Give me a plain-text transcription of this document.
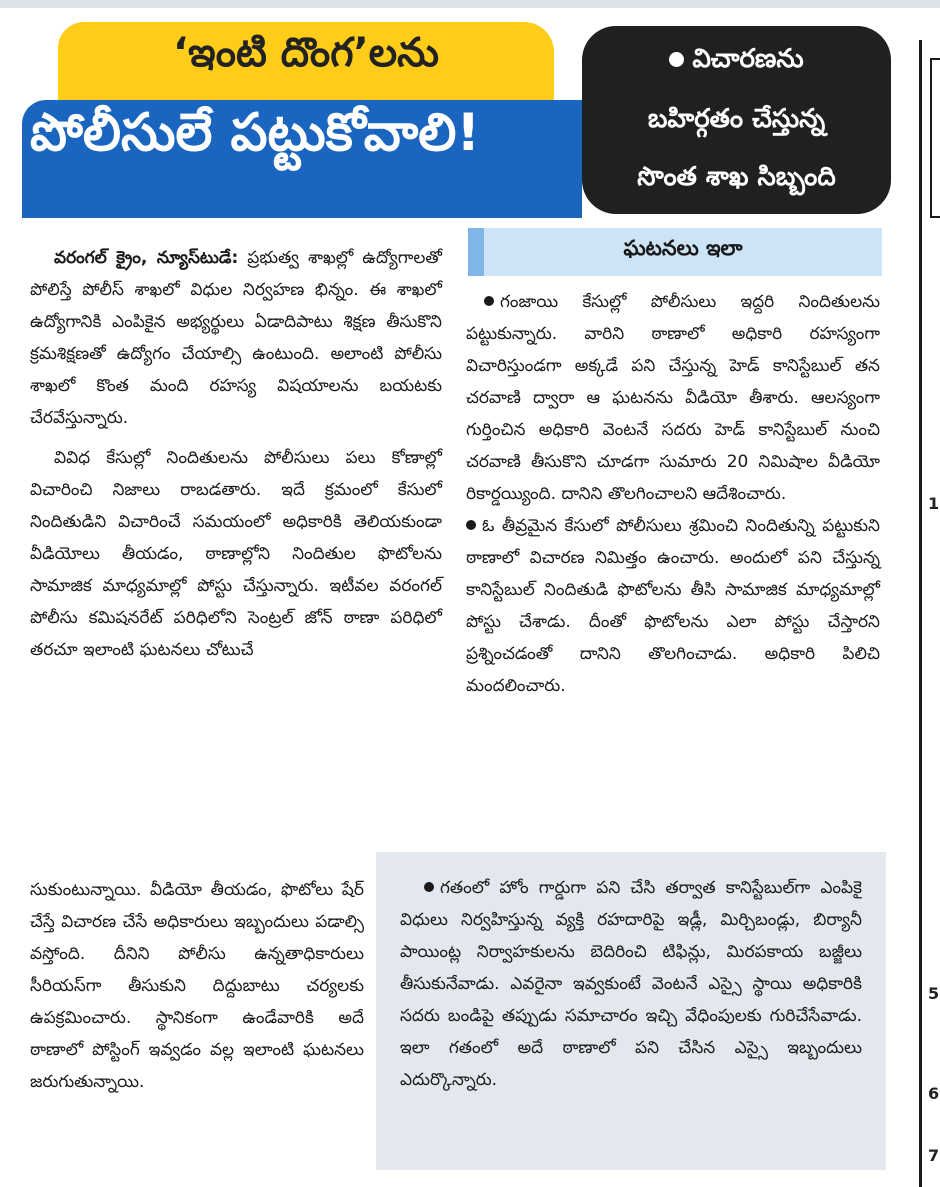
1
5
6
7
‘ఇంటి దొంగ’లను
పోలీసులే పట్టుకోవాలి!
విచారణను
బహిర్గతం చేస్తున్న
సొంత శాఖ సిబ్బంది

వరంగల్ క్రైం, న్యూస్‌టుడే: ప్రభుత్వ శాఖల్లో ఉద్యోగాలతో పోలిస్తే పోలీస్ శాఖలో విధుల నిర్వహణ భిన్నం. ఈ శాఖలో ఉద్యోగానికి ఎంపికైన అభ్యర్థులు ఏడాదిపాటు శిక్షణ తీసుకొని క్రమశిక్షణతో ఉద్యోగం చేయాల్సి ఉంటుంది. అలాంటి పోలీసు శాఖలో కొంత మంది రహస్య విషయాలను బయటకు చేరవేస్తున్నారు.

వివిధ కేసుల్లో నిందితులను పోలీసులు పలు కోణాల్లో విచారించి నిజాలు రాబడతారు. ఇదే క్రమంలో కేసులో నిందితుడిని విచారించే సమయంలో అధికారికి తెలియకుండా వీడియోలు తీయడం, ఠాణాల్లోని నిందితుల ఫొటోలను సామాజిక మాధ్యమాల్లో పోస్టు చేస్తున్నారు. ఇటీవల వరంగల్ పోలీసు కమిషనరేట్ పరిధిలోని సెంట్రల్ జోన్ ఠాణా పరిధిలో తరచూ ఇలాంటి ఘటనలు చోటుచే

సుకుంటున్నాయి. వీడియో తీయడం, ఫొటోలు షేర్ చేస్తే విచారణ చేసే అధికారులు ఇబ్బందులు పడాల్సి వస్తోంది. దీనిని పోలీసు ఉన్నతాధికారులు సీరియస్‌గా తీసుకుని దిద్దుబాటు చర్యలకు ఉపక్రమించారు. స్థానికంగా ఉండేవారికి అదే ఠాణాలో పోస్టింగ్ ఇవ్వడం వల్ల ఇలాంటి ఘటనలు జరుగుతున్నాయి.
ఘటనలు ఇలా

గంజాయి కేసుల్లో పోలీసులు ఇద్దరి నిందితులను పట్టుకున్నారు. వారిని ఠాణాలో అధికారి రహస్యంగా విచారిస్తుండగా అక్కడే పని చేస్తున్న హెడ్ కానిస్టేబుల్ తన చరవాణి ద్వారా ఆ ఘటనను వీడియో తీశారు. ఆలస్యంగా గుర్తించిన అధికారి వెంటనే సదరు హెడ్ కానిస్టేబుల్ నుంచి చరవాణి తీసుకొని చూడగా సుమారు 20 నిమిషాల వీడియో రికార్డయ్యింది. దానిని తొలగించాలని ఆదేశించారు.

ఓ తీవ్రమైన కేసులో పోలీసులు శ్రమించి నిందితున్ని పట్టుకుని ఠాణాలో విచారణ నిమిత్తం ఉంచారు. అందులో పని చేస్తున్న కానిస్టేబుల్ నిందితుడి ఫొటోలను తీసి సామాజిక మాధ్యమాల్లో పోస్టు చేశాడు. దీంతో ఫొటోలను ఎలా పోస్టు చేస్తారని ప్రశ్నించడంతో దానిని తొలగించాడు. అధికారి పిలిచి మందలించారు.

గతంలో హోం గార్డుగా పని చేసి తర్వాత కానిస్టేబుల్‌గా ఎంపికై విధులు నిర్వహిస్తున్న వ్యక్తి రహదారిపై ఇడ్లీ, మిర్చిబండ్లు, బిర్యానీ పాయింట్ల నిర్వాహకులను బెదిరించి టిఫిన్లు, మిరపకాయ బజ్జీలు తీసుకునేవాడు. ఎవరైనా ఇవ్వకుంటే వెంటనే ఎస్సై స్థాయి అధికారికి సదరు బండిపై తప్పుడు సమాచారం ఇచ్చి వేధింపులకు గురిచేసేవాడు. ఇలా గతంలో అదే ఠాణాలో పని చేసిన ఎస్సై ఇబ్బందులు ఎదుర్కొన్నారు.
